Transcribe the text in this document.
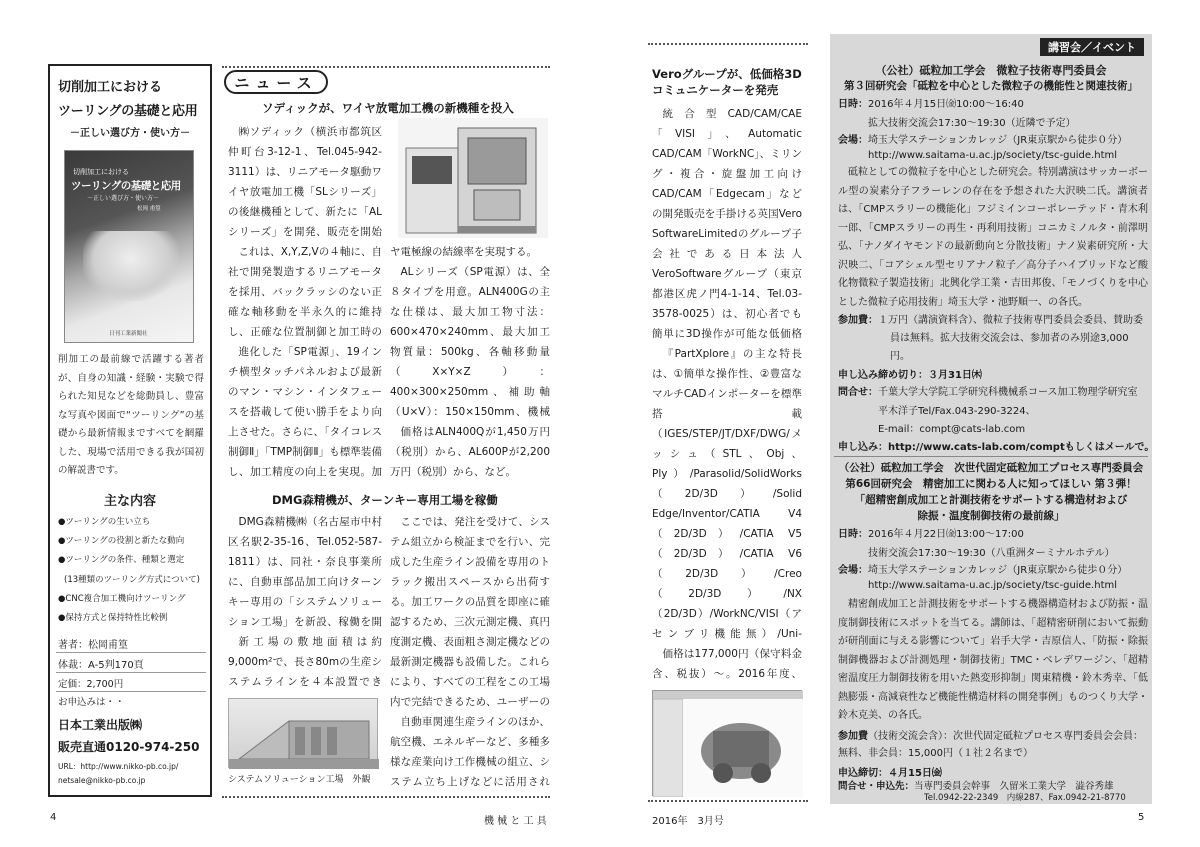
切削加工における
ツーリングの基礎と応用
－正しい選び方・使い方－
切削加工における
ツーリングの基礎と応用
－正しい選び方・使い方－
松岡 甫篁
日刊工業新聞社
削加工の最前線で活躍する著者が、自身の知識・経験・実験で得られた知見などを総動員し、豊富な写真や図面で“ツーリング”の基礎から最新情報まですべてを網羅した、現場で活用できる我が国初の解説書です。
主な内容
●ツーリングの生い立ち
●ツーリングの役割と新たな動向
●ツーリングの条件、種類と選定
(13種類のツーリング方式について)
●CNC複合加工機向けツーリング
●保持方式と保持特性比較例
著者：松岡甫篁
体裁：A-5判170頁
定価：2,700円
お申込みは・・
日本工業出版㈱
販売直通0120-974-250
URL：http://www.nikko-pb.co.jp/
netsale@nikko-pb.co.jp
ニュース
ソディックが、ワイヤ放電加工機の新機種を投入
㈱ソディック（横浜市都筑区仲町台3-12-1、Tel.045-942-3111）は、リニアモータ駆動ワイヤ放電加工機「SLシリーズ」の後継機種として、新たに「ALシリーズ」を開発、販売を開始
これは、X,Y,Z,Vの４軸に、自社で開発製造するリニアモータを採用、バックラッシのない正確な軸移動を半永久的に維持し、正確な位置制御と加工時の
進化した「SP電源」、19インチ横型タッチパネルおよび最新のマン・マシン・インタフェースを搭載して使い勝手をより向上させた。さらに、「タイコレス制御Ⅱ」「TMP制御Ⅱ」も標準装備し、加工精度の向上を実現。加
ヤ電極線の結線率を実現する。
ALシリーズ（SP電源）は、全８タイプを用意。ALN400Gの主な仕様は、最大加工物寸法：600×470×240mm、最大加工物質量：500kg、各軸移動量（X×Y×Z）：400×300×250mm、補助軸（U×V）：150×150mm、機械
価格はALN400Qが1,450万円（税別）から、AL600Pが2,200万円（税別）から、など。
DMG森精機が、ターンキー専用工場を稼働
DMG森精機㈱（名古屋市中村区名駅2-35-16、Tel.052-587-1811）は、同社・奈良事業所に、自動車部品加工向けターンキー専用の「システムソリューション工場」を新設、稼働を開
新工場の敷地面積は約9,000m²で、長さ80mの生産システムラインを４本設置でき
システムソリューション工場　外観
ここでは、発注を受けて、システム組立から検証までを行い、完成した生産ライン設備を専用のトラック搬出スペースから出荷する。加工ワークの品質を即座に確認するため、三次元測定機、真円度測定機、表面粗さ測定機などの最新測定機器も設備した。これらにより、すべての工程をこの工場内で完結できるため、ユーザーの
自動車関連生産ラインのほか、航空機、エネルギーなど、多種多様な産業向け工作機械の組立、システム立ち上げなどに活用され
4	機 械 と 工 具
Veroグループが、低価格3Dコミュニケーターを発売
統合型CAD/CAM/CAE「VISI」、Automatic CAD/CAM「WorkNC」、ミリング・複合・旋盤加工向けCAD/CAM「Edgecam」などの開発販売を手掛ける英国Vero SoftwareLimitedのグループ子会社である日本法人VeroSoftwareグループ（東京都港区虎ノ門4-1-14、Tel.03-3578-0025）は、初心者でも簡単に3D操作が可能な低価格
『PartXplore』の主な特長は、①簡単な操作性、②豊富なマルチCADインポーターを標準搭載（IGES/STEP/JT/DXF/DWG/メッシュ（STL、Obj、Ply）/Parasolid/SolidWorks（2D/3D）/Solid Edge/Inventor/CATIA V4（2D/3D）/CATIA V5（2D/3D）/CATIA V6（2D/3D）/Creo（2D/3D）/NX（2D/3D）/WorkNC/VISI（アセンブリ機能無）/Uni-
価格は177,000円（保守料金含、税抜）～。2016年度、
講習会／イベント
（公社）砥粒加工学会　微粒子技術専門委員会
第３回研究会「砥粒を中心とした微粒子の機能性と関連技術」
日時：2016年４月15日㈮10:00～16:40
拡大技術交流会17:30～19:30（近隣で予定）
会場：埼玉大学ステーションカレッジ（JR東京駅から徒歩０分）
http://www.saitama-u.ac.jp/society/tsc-guide.html
砥粒としての微粒子を中心とした研究会。特別講演はサッカーボール型の炭素分子フラーレンの存在を予想された大沢映二氏。講演者は、「CMPスラリーの機能化」フジミインコーポレーテッド・青木利一郎、「CMPスラリーの再生・再利用技術」コニカミノルタ・前澤明弘、「ナノダイヤモンドの最新動向と分散技術」ナノ炭素研究所・大沢映二、「コアシェル型セリアナノ粒子／高分子ハイブリッドなど酸化物微粒子製造技術」北興化学工業・吉田邦俊、「モノづくりを中心とした微粒子応用技術」埼玉大学・池野順一、の各氏。
参加費：１万円（講演資料含）、微粒子技術専門委員会委員、賛助委員は無料。拡大技術交流会は、参加者のみ別途3,000円。
申し込み締め切り：３月31日㈭
問合せ：千葉大学大学院工学研究科機械系コース加工物理学研究室
平木洋子Tel/Fax.043-290-3224、
E-mail：compt@cats-lab.com
申し込み：http://www.cats-lab.com/comptもしくはメールで。
（公社）砥粒加工学会　次世代固定砥粒加工プロセス専門委員会
第66回研究会　精密加工に関わる人に知ってほしい 第３弾！
「超精密創成加工と計測技術をサポートする構造材および
除振・温度制御技術の最前線」
日時：2016年４月22日㈮13:00～17:00
技術交流会17:30～19:30（八重洲ターミナルホテル）
会場：埼玉大学ステーションカレッジ（JR東京駅から徒歩０分）
http://www.saitama-u.ac.jp/society/tsc-guide.html
精密創成加工と計測技術をサポートする機器構造材および防振・温度制御技術にスポットを当てる。講師は、「超精密研削において振動が研削面に与える影響について」岩手大学・吉原信人、「防振・除振制御機器および計測処理・制御技術」TMC・ベレデワージン、「超精密温度圧力制御技術を用いた熱変形抑制」関東精機・鈴木秀幸、「低熱膨張・高減衰性など機能性構造材料の開発事例」ものつくり大学・鈴木克美、の各氏。
参加費（技術交流会含）：次世代固定砥粒プロセス専門委員会会員：無料、非会員：15,000円（１社２名まで）
申込締切：４月15日㈮
問合せ・申込先：当専門委員会幹事　久留米工業大学　澁谷秀雄
Tel.0942-22-2349　内線287、Fax.0942-21-8770
2016年　3月号	5
